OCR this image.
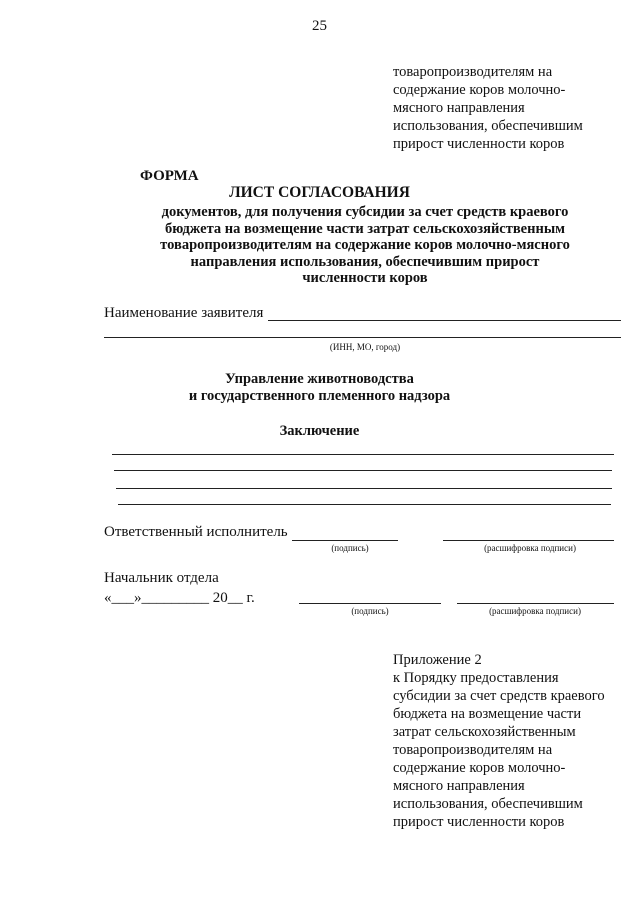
25
товаропроизводителям на
содержание коров молочно-
мясного направления
использования, обеспечившим
прирост численности коров
ФОРМА
ЛИСТ СОГЛАСОВАНИЯ
документов, для получения субсидии за счет средств краевого
бюджета на возмещение части затрат сельскохозяйственным
товаропроизводителям на содержание коров молочно-мясного
направления использования, обеспечившим прирост
численности коров
Наименование заявителя
(ИНН, МО, город)
Управление животноводства
и государственного племенного надзора
Заключение
Ответственный исполнитель
(подпись)	(расшифровка подписи)
Начальник отдела
«___»_________ 20__ г.
(подпись)	(расшифровка подписи)
Приложение 2
к Порядку предоставления
субсидии за счет средств краевого
бюджета на возмещение части
затрат сельскохозяйственным
товаропроизводителям на
содержание коров молочно-
мясного направления
использования, обеспечившим
прирост численности коров
